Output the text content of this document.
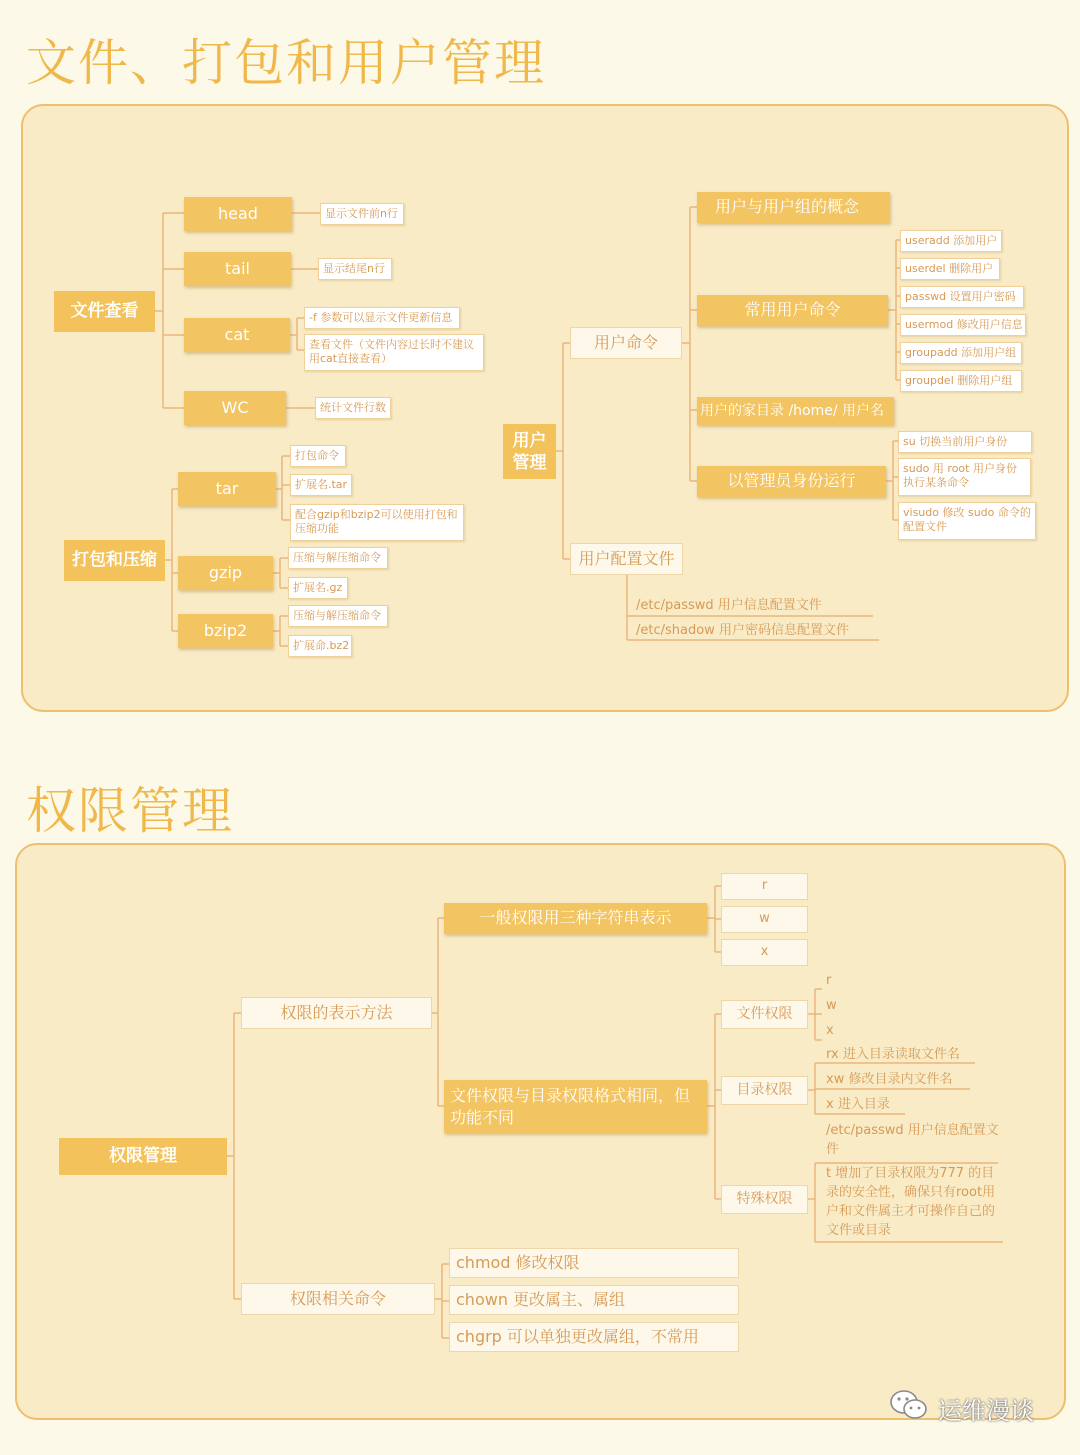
文件、打包和用户管理
权限管理
文件查看
head	显示文件前n行
tail	显示结尾n行
cat
-f 参数可以显示文件更新信息
查看文件（文件内容过长时不建议用cat直接查看）
WC	统计文件行数
打包和压缩
tar
打包命令
扩展名.tar
配合gzip和bzip2可以使用打包和压缩功能
gzip
压缩与解压缩命令
扩展名.gz
bzip2
压缩与解压缩命令
扩展命.bz2
用户管理
用户命令
用户与用户组的概念
常用用户命令
useradd 添加用户
userdel 删除用户
passwd 设置用户密码
usermod 修改用户信息
groupadd 添加用户组
groupdel 删除用户组
用户的家目录 /home/ 用户名
以管理员身份运行
su 切换当前用户身份
sudo 用 root 用户身份执行某条命令
visudo 修改 sudo 命令的配置文件
用户配置文件
/etc/passwd 用户信息配置文件
/etc/shadow 用户密码信息配置文件
权限管理
权限的表示方法
一般权限用三种字符串表示
r
w
x
文件权限与目录权限格式相同，但功能不同
文件权限
r
w
x
目录权限
rx 进入目录读取文件名
xw 修改目录内文件名
x 进入目录
特殊权限
/etc/passwd 用户信息配置文件
t 增加了目录权限为777 的目录的安全性，确保只有root用户和文件属主才可操作自己的文件或目录
权限相关命令
chmod 修改权限
chown 更改属主、属组
chgrp 可以单独更改属组，不常用
运维漫谈
